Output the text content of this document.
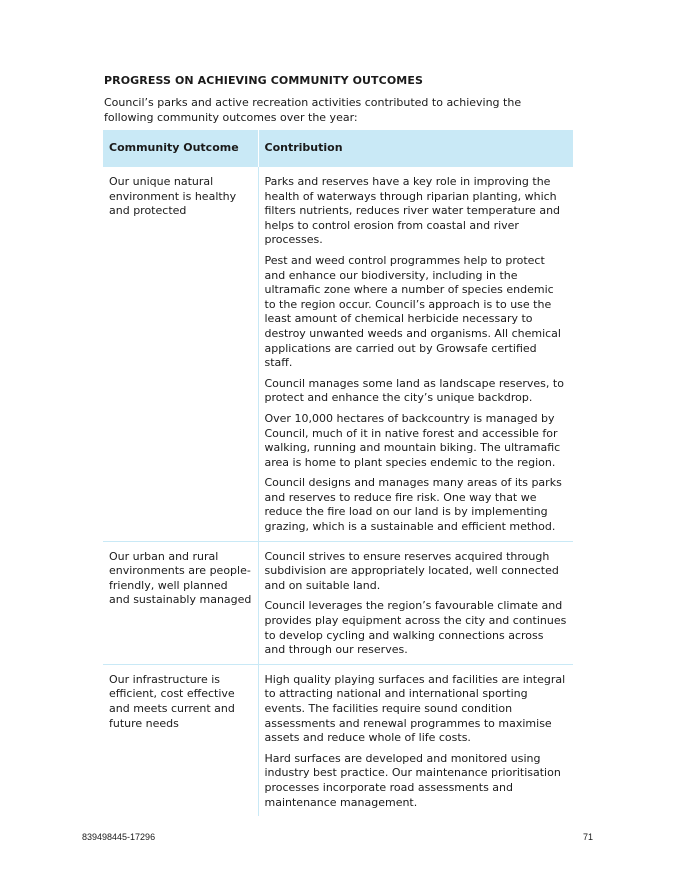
PROGRESS ON ACHIEVING COMMUNITY OUTCOMES
Council’s parks and active recreation activities contributed to achieving the following community outcomes over the year:
Community Outcome	Contribution
Our unique natural environment is healthy and protected	Parks and reserves have a key role in improving the health of waterways through riparian planting, which filters nutrients, reduces river water temperature and helps to control erosion from coastal and river processes.

Pest and weed control programmes help to protect and enhance our biodiversity, including in the ultramafic zone where a number of species endemic to the region occur. Council’s approach is to use the least amount of chemical herbicide necessary to destroy unwanted weeds and organisms. All chemical applications are carried out by Growsafe certified staff.

Council manages some land as landscape reserves, to protect and enhance the city’s unique backdrop.

Over 10,000 hectares of backcountry is managed by Council, much of it in native forest and accessible for walking, running and mountain biking. The ultramafic area is home to plant species endemic to the region.

Council designs and manages many areas of its parks and reserves to reduce fire risk. One way that we reduce the fire load on our land is by implementing grazing, which is a sustainable and efficient method.

Our urban and rural environments are people-friendly, well planned and sustainably managed	Council strives to ensure reserves acquired through subdivision are appropriately located, well connected and on suitable land.

Council leverages the region’s favourable climate and provides play equipment across the city and continues to develop cycling and walking connections across and through our reserves.

Our infrastructure is efficient, cost effective and meets current and future needs	High quality playing surfaces and facilities are integral to attracting national and international sporting events. The facilities require sound condition assessments and renewal programmes to maximise assets and reduce whole of life costs.

Hard surfaces are developed and monitored using industry best practice. Our maintenance prioritisation processes incorporate road assessments and maintenance management.

839498445-17296	71
